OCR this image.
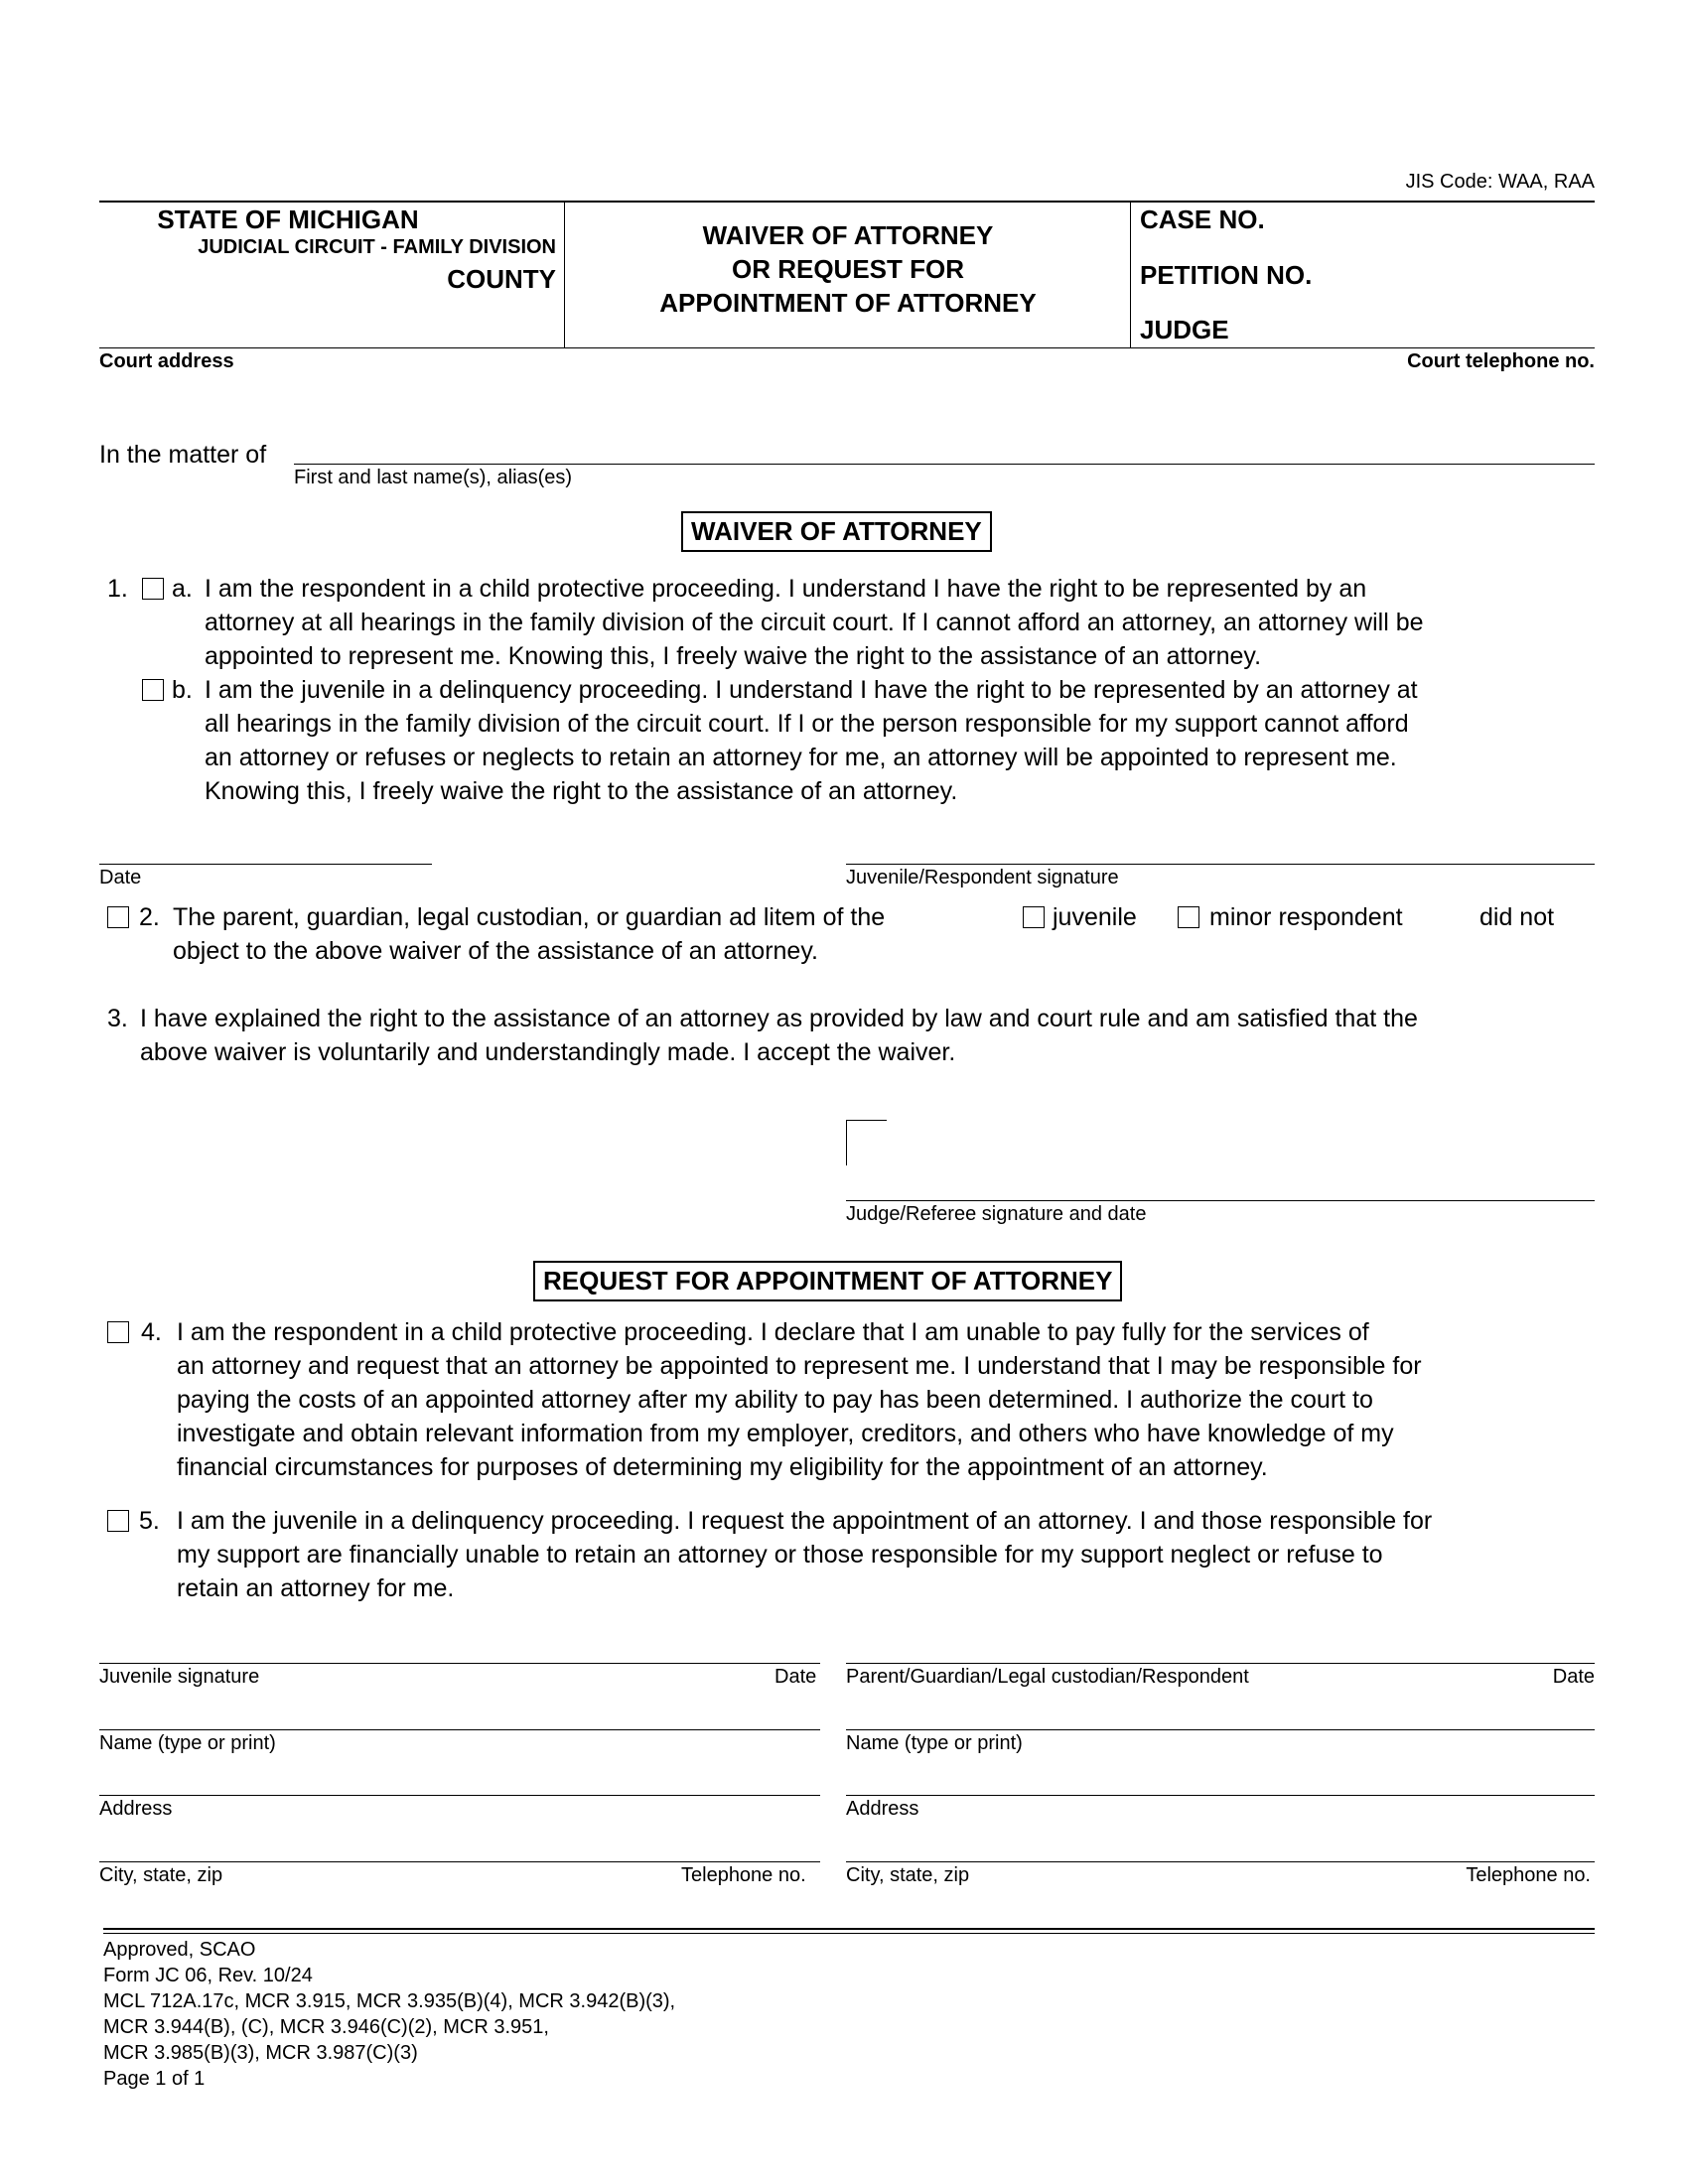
JIS Code: WAA, RAA
STATE OF MICHIGAN
JUDICIAL CIRCUIT - FAMILY DIVISION
COUNTY
WAIVER OF ATTORNEY
OR REQUEST FOR
APPOINTMENT OF ATTORNEY
CASE NO.
PETITION NO.
JUDGE
Court address	Court telephone no.
In the matter of
First and last name(s), alias(es)
WAIVER OF ATTORNEY
1. a. I am the respondent in a child protective proceeding. I understand I have the right to be represented by an
attorney at all hearings in the family division of the circuit court. If I cannot afford an attorney, an attorney will be
appointed to represent me. Knowing this, I freely waive the right to the assistance of an attorney.
b. I am the juvenile in a delinquency proceeding. I understand I have the right to be represented by an attorney at
all hearings in the family division of the circuit court. If I or the person responsible for my support cannot afford
an attorney or refuses or neglects to retain an attorney for me, an attorney will be appointed to represent me.
Knowing this, I freely waive the right to the assistance of an attorney.
Date	Juvenile/Respondent signature
2. The parent, guardian, legal custodian, or guardian ad litem of the	juvenile	minor respondent	did not
object to the above waiver of the assistance of an attorney.
3. I have explained the right to the assistance of an attorney as provided by law and court rule and am satisfied that the
above waiver is voluntarily and understandingly made. I accept the waiver.
Judge/Referee signature and date
REQUEST FOR APPOINTMENT OF ATTORNEY
4. I am the respondent in a child protective proceeding. I declare that I am unable to pay fully for the services of
an attorney and request that an attorney be appointed to represent me. I understand that I may be responsible for
paying the costs of an appointed attorney after my ability to pay has been determined. I authorize the court to
investigate and obtain relevant information from my employer, creditors, and others who have knowledge of my
financial circumstances for purposes of determining my eligibility for the appointment of an attorney.
5. I am the juvenile in a delinquency proceeding. I request the appointment of an attorney. I and those responsible for
my support are financially unable to retain an attorney or those responsible for my support neglect or refuse to
retain an attorney for me.
Juvenile signature	Date
Name (type or print)
Address
City, state, zip	Telephone no.
Parent/Guardian/Legal custodian/Respondent	Date
Name (type or print)
Address
City, state, zip	Telephone no.
Approved, SCAO
Form JC 06, Rev. 10/24
MCL 712A.17c, MCR 3.915, MCR 3.935(B)(4), MCR 3.942(B)(3),
MCR 3.944(B), (C), MCR 3.946(C)(2), MCR 3.951,
MCR 3.985(B)(3), MCR 3.987(C)(3)
Page 1 of 1
